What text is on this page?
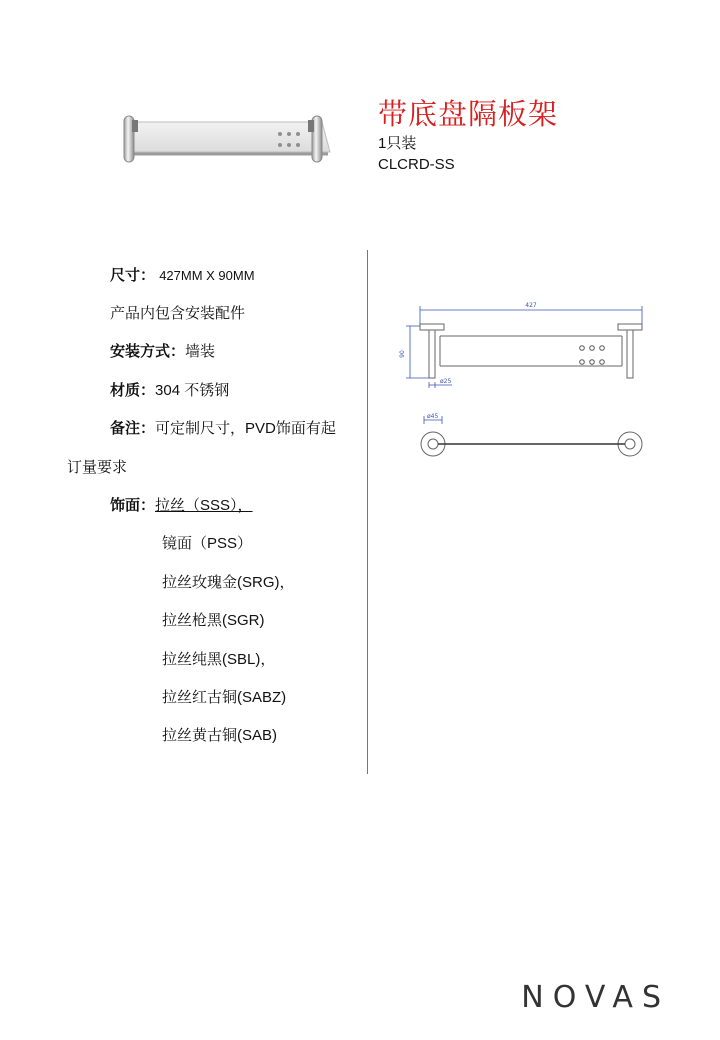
带底盘隔板架
1只装
CLCRD-SS
尺寸： 427MM X 90MM
产品内包含安装配件
安装方式：墙装
材质：304 不锈钢
备注：可定制尺寸，PVD饰面有起
订量要求
饰面：拉丝（SSS），
镜面（PSS）
拉丝玫瑰金(SRG)，
拉丝枪黑(SGR)
拉丝纯黑(SBL)，
拉丝红古铜(SABZ)
拉丝黄古铜(SAB)
427
90
ø25
ø45
NOVAS
